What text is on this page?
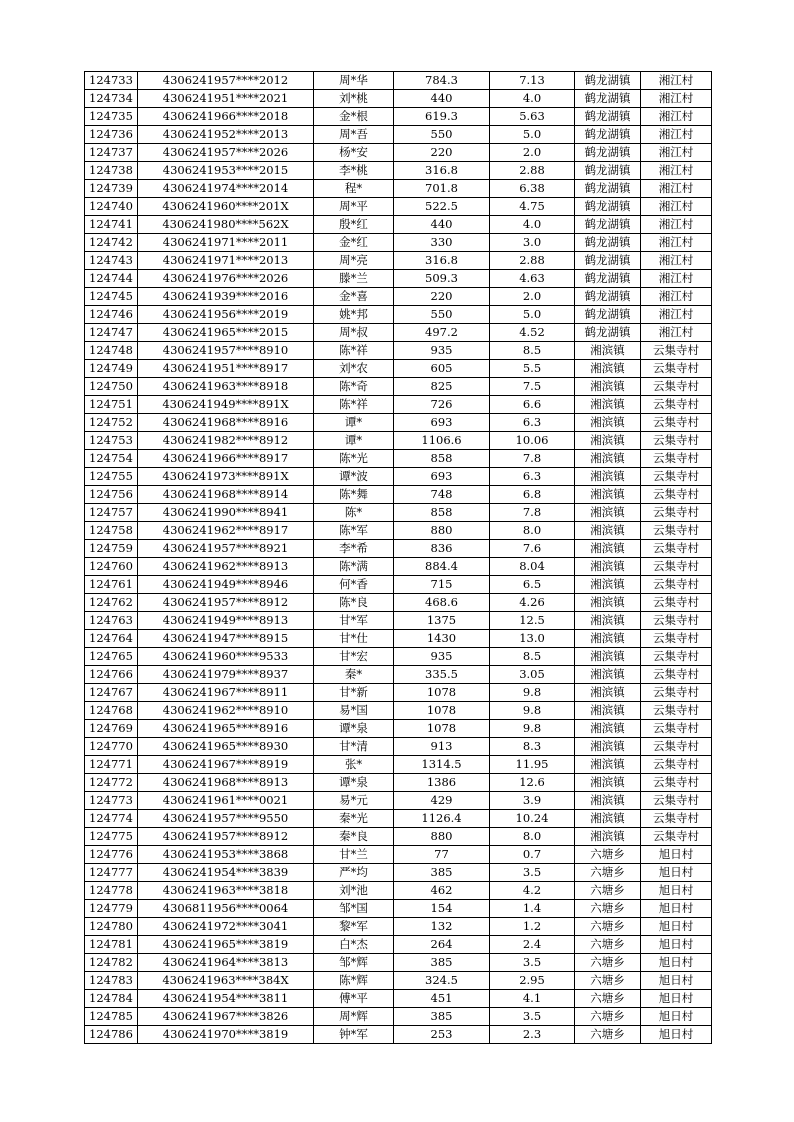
124733	4306241957****2012	周*华	784.3	7.13	鹤龙湖镇	湘江村
124734	4306241951****2021	刘*桃	440	4.0	鹤龙湖镇	湘江村
124735	4306241966****2018	金*根	619.3	5.63	鹤龙湖镇	湘江村
124736	4306241952****2013	周*吾	550	5.0	鹤龙湖镇	湘江村
124737	4306241957****2026	杨*安	220	2.0	鹤龙湖镇	湘江村
124738	4306241953****2015	李*桃	316.8	2.88	鹤龙湖镇	湘江村
124739	4306241974****2014	程*	701.8	6.38	鹤龙湖镇	湘江村
124740	4306241960****201X	周*平	522.5	4.75	鹤龙湖镇	湘江村
124741	4306241980****562X	殷*红	440	4.0	鹤龙湖镇	湘江村
124742	4306241971****2011	金*红	330	3.0	鹤龙湖镇	湘江村
124743	4306241971****2013	周*亮	316.8	2.88	鹤龙湖镇	湘江村
124744	4306241976****2026	滕*兰	509.3	4.63	鹤龙湖镇	湘江村
124745	4306241939****2016	金*喜	220	2.0	鹤龙湖镇	湘江村
124746	4306241956****2019	姚*邦	550	5.0	鹤龙湖镇	湘江村
124747	4306241965****2015	周*叔	497.2	4.52	鹤龙湖镇	湘江村
124748	4306241957****8910	陈*祥	935	8.5	湘滨镇	云集寺村
124749	4306241951****8917	刘*农	605	5.5	湘滨镇	云集寺村
124750	4306241963****8918	陈*奇	825	7.5	湘滨镇	云集寺村
124751	4306241949****891X	陈*祥	726	6.6	湘滨镇	云集寺村
124752	4306241968****8916	谭*	693	6.3	湘滨镇	云集寺村
124753	4306241982****8912	谭*	1106.6	10.06	湘滨镇	云集寺村
124754	4306241966****8917	陈*光	858	7.8	湘滨镇	云集寺村
124755	4306241973****891X	谭*波	693	6.3	湘滨镇	云集寺村
124756	4306241968****8914	陈*舞	748	6.8	湘滨镇	云集寺村
124757	4306241990****8941	陈*	858	7.8	湘滨镇	云集寺村
124758	4306241962****8917	陈*军	880	8.0	湘滨镇	云集寺村
124759	4306241957****8921	李*希	836	7.6	湘滨镇	云集寺村
124760	4306241962****8913	陈*满	884.4	8.04	湘滨镇	云集寺村
124761	4306241949****8946	何*香	715	6.5	湘滨镇	云集寺村
124762	4306241957****8912	陈*良	468.6	4.26	湘滨镇	云集寺村
124763	4306241949****8913	甘*军	1375	12.5	湘滨镇	云集寺村
124764	4306241947****8915	甘*仕	1430	13.0	湘滨镇	云集寺村
124765	4306241960****9533	甘*宏	935	8.5	湘滨镇	云集寺村
124766	4306241979****8937	秦*	335.5	3.05	湘滨镇	云集寺村
124767	4306241967****8911	甘*新	1078	9.8	湘滨镇	云集寺村
124768	4306241962****8910	易*国	1078	9.8	湘滨镇	云集寺村
124769	4306241965****8916	谭*泉	1078	9.8	湘滨镇	云集寺村
124770	4306241965****8930	甘*清	913	8.3	湘滨镇	云集寺村
124771	4306241967****8919	张*	1314.5	11.95	湘滨镇	云集寺村
124772	4306241968****8913	谭*泉	1386	12.6	湘滨镇	云集寺村
124773	4306241961****0021	易*元	429	3.9	湘滨镇	云集寺村
124774	4306241957****9550	秦*光	1126.4	10.24	湘滨镇	云集寺村
124775	4306241957****8912	秦*良	880	8.0	湘滨镇	云集寺村
124776	4306241953****3868	甘*兰	77	0.7	六塘乡	旭日村
124777	4306241954****3839	严*均	385	3.5	六塘乡	旭日村
124778	4306241963****3818	刘*池	462	4.2	六塘乡	旭日村
124779	4306811956****0064	邹*国	154	1.4	六塘乡	旭日村
124780	4306241972****3041	黎*军	132	1.2	六塘乡	旭日村
124781	4306241965****3819	白*杰	264	2.4	六塘乡	旭日村
124782	4306241964****3813	邹*辉	385	3.5	六塘乡	旭日村
124783	4306241963****384X	陈*辉	324.5	2.95	六塘乡	旭日村
124784	4306241954****3811	傅*平	451	4.1	六塘乡	旭日村
124785	4306241967****3826	周*辉	385	3.5	六塘乡	旭日村
124786	4306241970****3819	钟*军	253	2.3	六塘乡	旭日村
